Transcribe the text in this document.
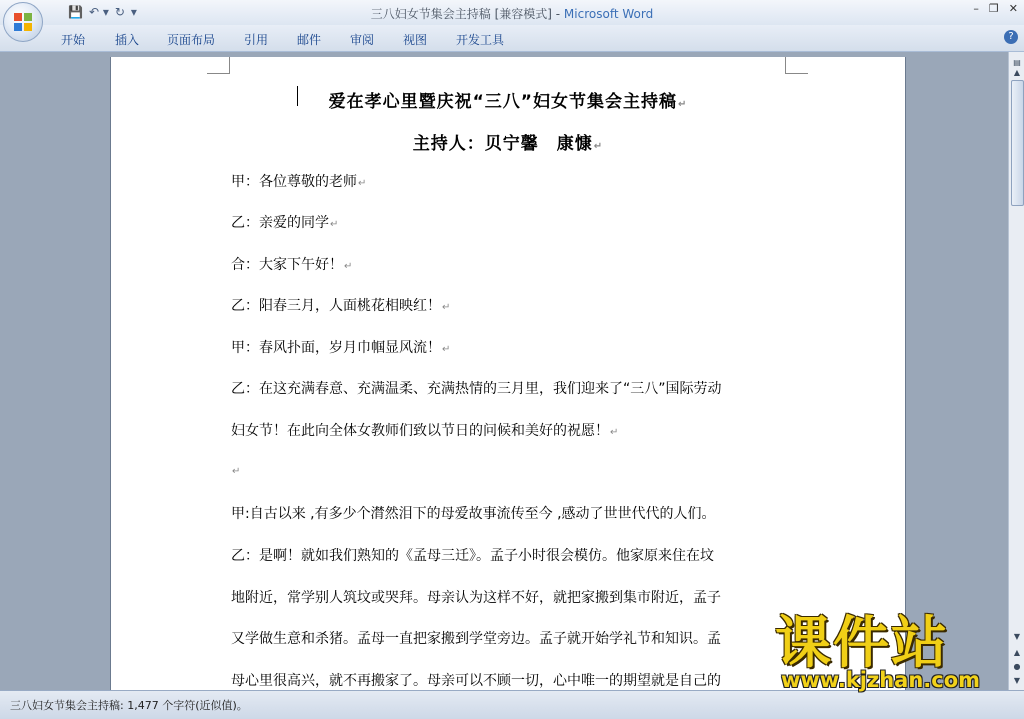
💾 ↶ ▾ ↻ ▾	三八妇女节集会主持稿 [兼容模式] - Microsoft Word	– ❐ ✕
开始 插入 页面布局 引用 邮件 审阅 视图 开发工具	?
爱在孝心里暨庆祝“三八”妇女节集会主持稿↵
主持人：贝宁馨　康慷↵
甲：各位尊敬的老师↵
乙：亲爱的同学↵
合：大家下午好！↵
乙：阳春三月，人面桃花相映红！↵
甲：春风扑面，岁月巾帼显风流！↵
乙：在这充满春意、充满温柔、充满热情的三月里，我们迎来了“三八”国际劳动
妇女节！在此向全体女教师们致以节日的问候和美好的祝愿！↵
↵
甲:自古以来 ,有多少个潸然泪下的母爱故事流传至今 ,感动了世世代代的人们。
乙：是啊！就如我们熟知的《孟母三迁》。孟子小时很会模仿。他家原来住在坟
地附近，常学别人筑坟或哭拜。母亲认为这样不好，就把家搬到集市附近，孟子
又学做生意和杀猪。孟母一直把家搬到学堂旁边。孟子就开始学礼节和知识。孟
母心里很高兴，就不再搬家了。母亲可以不顾一切，心中唯一的期望就是自己的
▤
▲
▼
▲
●
▼
三八妇女节集会主持稿: 1,477 个字符(近似值)。
课件站
www.kjzhan.com
